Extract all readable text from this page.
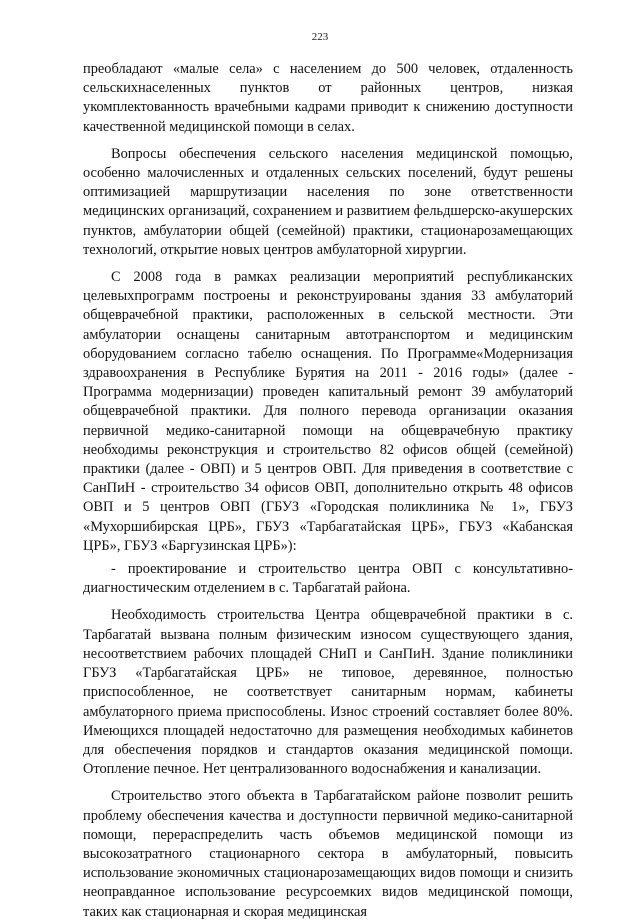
223

преобладают «малые села» с населением до 500 человек, отдаленность сельскихнаселенных пунктов от районных центров, низкая укомплектованность врачебными кадрами приводит к снижению доступности качественной медицинской помощи в селах.

Вопросы обеспечения сельского населения медицинской помощью, особенно малочисленных и отдаленных сельских поселений, будут решены оптимизацией маршрутизации населения по зоне ответственности медицинских организаций, сохранением и развитием фельдшерско-акушерских пунктов, амбулатории общей (семейной) практики, стационарозамещающих технологий, открытие новых центров амбулаторной хирургии.

С 2008 года в рамках реализации мероприятий республиканских целевыхпрограмм построены и реконструированы здания 33 амбулаторий общеврачебной практики, расположенных в сельской местности. Эти амбулатории оснащены санитарным автотранспортом и медицинским оборудованием согласно табелю оснащения. По Программе«Модернизация здравоохранения в Республике Бурятия на 2011 - 2016 годы» (далее - Программа модернизации) проведен капитальный ремонт 39 амбулаторий общеврачебной практики. Для полного перевода организации оказания первичной медико-санитарной помощи на общеврачебную практику необходимы реконструкция и строительство 82 офисов общей (семейной) практики (далее - ОВП) и 5 центров ОВП. Для приведения в соответствие с СанПиН - строительство 34 офисов ОВП, дополнительно открыть 48 офисов ОВП и 5 центров ОВП (ГБУЗ «Городская поликлиника № 1», ГБУЗ «Мухоршибирская ЦРБ», ГБУЗ «Тарбагатайская ЦРБ», ГБУЗ «Кабанская ЦРБ», ГБУЗ «Баргузинская ЦРБ»):

- проектирование и строительство центра ОВП с консультативно-диагностическим отделением в с. Тарбагатай района.

Необходимость строительства Центра общеврачебной практики в с. Тарбагатай вызвана полным физическим износом существующего здания, несоответствием рабочих площадей СНиП и СанПиН. Здание поликлиники ГБУЗ «Тарбагатайская ЦРБ» не типовое, деревянное, полностью приспособленное, не соответствует санитарным нормам, кабинеты амбулаторного приема приспособлены. Износ строений составляет более 80%. Имеющихся площадей недостаточно для размещения необходимых кабинетов для обеспечения порядков и стандартов оказания медицинской помощи. Отопление печное. Нет централизованного водоснабжения и канализации.

Строительство этого объекта в Тарбагатайском районе позволит решить проблему обеспечения качества и доступности первичной медико-санитарной помощи, перераспределить часть объемов медицинской помощи из высокозатратного стационарного сектора в амбулаторный, повысить использование экономичных стационарозамещающих видов помощи и снизить неоправданное использование ресурсоемких видов медицинской помощи, таких как стационарная и скорая медицинская
